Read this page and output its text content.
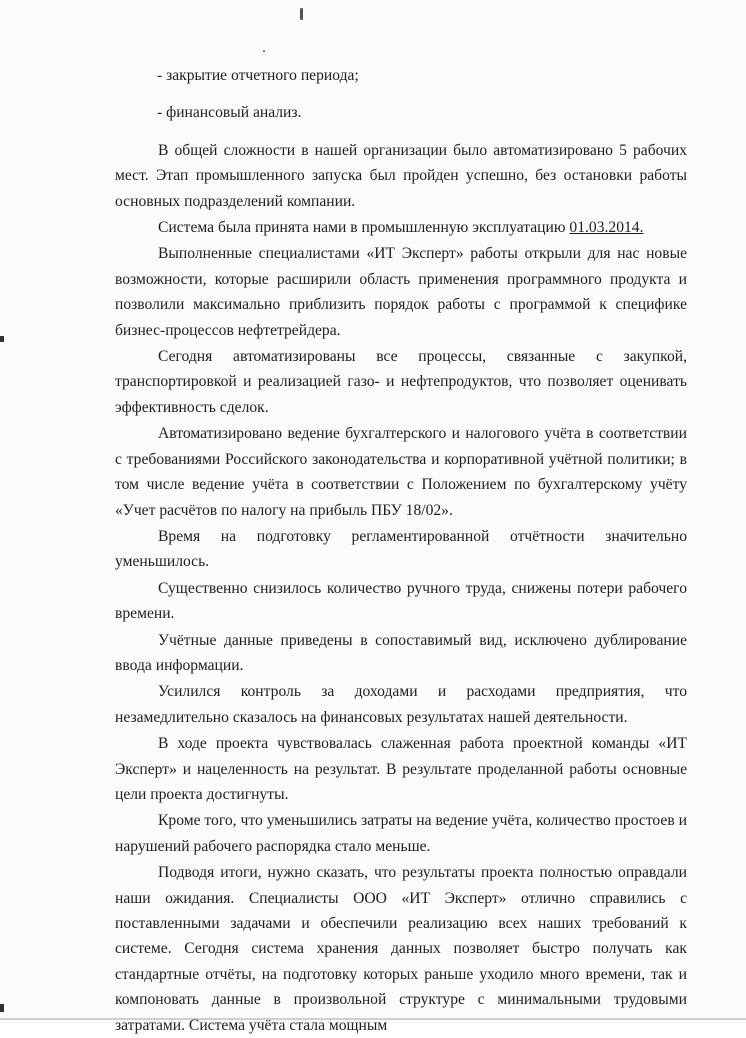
- закрытие отчетного периода;

- финансовый анализ.

В общей сложности в нашей организации было автоматизировано 5 рабочих мест. Этап промышленного запуска был пройден успешно, без остановки работы основных подразделений компании.

Система была принята нами в промышленную эксплуатацию 01.03.2014.

Выполненные специалистами «ИТ Эксперт» работы открыли для нас новые возможности, которые расширили область применения программного продукта и позволили максимально приблизить порядок работы с программой к специфике бизнес-процессов нефтетрейдера.

Сегодня автоматизированы все процессы, связанные с закупкой, транспортировкой и реализацией газо- и нефтепродуктов, что позволяет оценивать эффективность сделок.

Автоматизировано ведение бухгалтерского и налогового учёта в соответствии с требованиями Российского законодательства и корпоративной учётной политики; в том числе ведение учёта в соответствии с Положением по бухгалтерскому учёту «Учет расчётов по налогу на прибыль ПБУ 18/02».

Время на подготовку регламентированной отчётности значительно уменьшилось.

Существенно снизилось количество ручного труда, снижены потери рабочего времени.

Учётные данные приведены в сопоставимый вид, исключено дублирование ввода информации.

Усилился контроль за доходами и расходами предприятия, что незамедлительно сказалось на финансовых результатах нашей деятельности.

В ходе проекта чувствовалась слаженная работа проектной команды «ИТ Эксперт» и нацеленность на результат. В результате проделанной работы основные цели проекта достигнуты.

Кроме того, что уменьшились затраты на ведение учёта, количество простоев и нарушений рабочего распорядка стало меньше.

Подводя итоги, нужно сказать, что результаты проекта полностью оправдали наши ожидания. Специалисты ООО «ИТ Эксперт» отлично справились с поставленными задачами и обеспечили реализацию всех наших требований к системе. Сегодня система хранения данных позволяет быстро получать как стандартные отчёты, на подготовку которых раньше уходило много времени, так и компоновать данные в произвольной структуре с минимальными трудовыми затратами. Система учёта стала мощным
